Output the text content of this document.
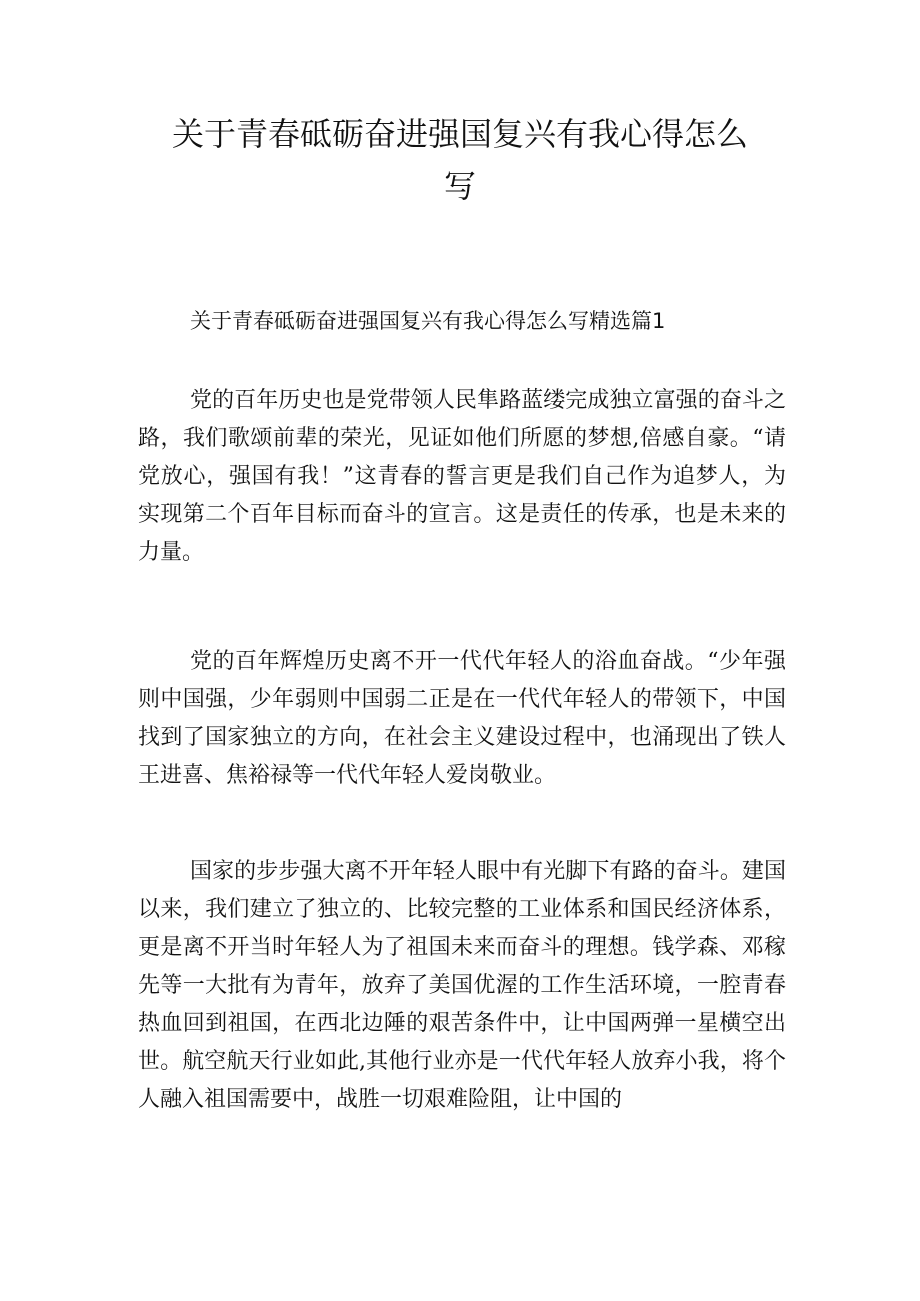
关于青春砥砺奋进强国复兴有我心得怎么写

关于青春砥砺奋进强国复兴有我心得怎么写精选篇1

党的百年历史也是党带领人民隼路蓝缕完成独立富强的奋斗之路，我们歌颂前辈的荣光，见证如他们所愿的梦想,倍感自豪。“请党放心，强国有我！”这青春的誓言更是我们自己作为追梦人，为实现第二个百年目标而奋斗的宣言。这是责任的传承，也是未来的力量。

党的百年辉煌历史离不开一代代年轻人的浴血奋战。“少年强则中国强，少年弱则中国弱二正是在一代代年轻人的带领下，中国找到了国家独立的方向，在社会主义建设过程中，也涌现出了铁人王进喜、焦裕禄等一代代年轻人爱岗敬业。

国家的步步强大离不开年轻人眼中有光脚下有路的奋斗。建国以来，我们建立了独立的、比较完整的工业体系和国民经济体系，更是离不开当时年轻人为了祖国未来而奋斗的理想。钱学森、邓稼先等一大批有为青年，放弃了美国优渥的工作生活环境，一腔青春热血回到祖国，在西北边陲的艰苦条件中，让中国两弹一星横空出世。航空航天行业如此,其他行业亦是一代代年轻人放弃小我，将个人融入祖国需要中，战胜一切艰难险阻，让中国的
